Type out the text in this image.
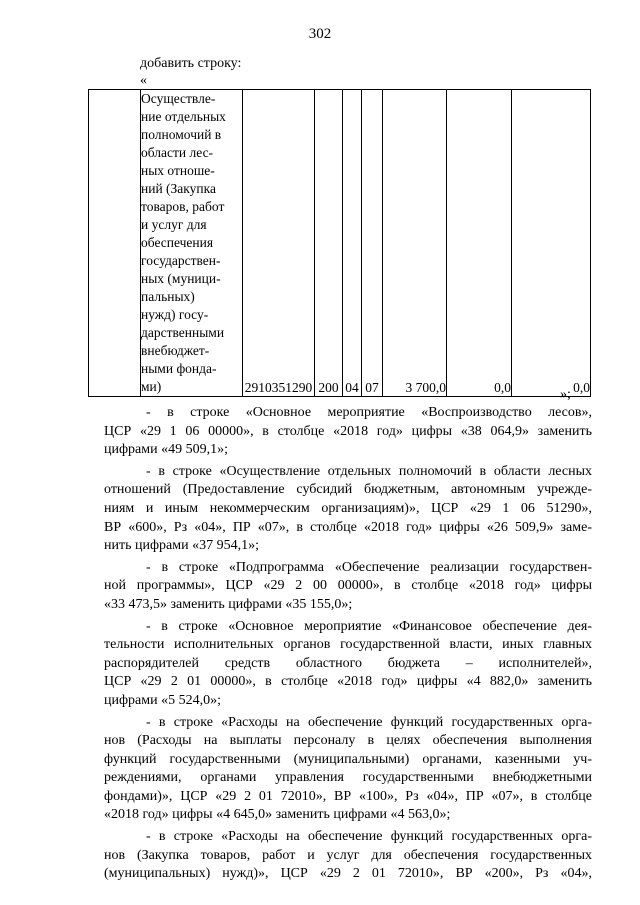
302
добавить строку:
«

Осуществле-
ние отдельных
полномочий в
области лес-
ных отноше-
ний (Закупка
товаров, работ
и услуг для
обеспечения
государствен-
ных (муници-
пальных)
нужд) госу-
дарственными
внебюджет-
ными фонда-
ми)	2910351290	200	04	07	3 700,0	0,0	0,0
»;

- в строке «Основное мероприятие «Воспроизводство лесов»,
ЦСР «29 1 06 00000», в столбце «2018 год» цифры «38 064,9» заменить
цифрами «49 509,1»;

- в строке «Осуществление отдельных полномочий в области лесных
отношений (Предоставление субсидий бюджетным, автономным учрежде-
ниям и иным некоммерческим организациям)», ЦСР «29 1 06 51290»,
ВР «600», Рз «04», ПР «07», в столбце «2018 год» цифры «26 509,9» заме-
нить цифрами «37 954,1»;

- в строке «Подпрограмма «Обеспечение реализации государствен-
ной программы», ЦСР «29 2 00 00000», в столбце «2018 год» цифры
«33 473,5» заменить цифрами «35 155,0»;

- в строке «Основное мероприятие «Финансовое обеспечение дея-
тельности исполнительных органов государственной власти, иных главных
распорядителей средств областного бюджета – исполнителей»,
ЦСР «29 2 01 00000», в столбце «2018 год» цифры «4 882,0» заменить
цифрами «5 524,0»;

- в строке «Расходы на обеспечение функций государственных орга-
нов (Расходы на выплаты персоналу в целях обеспечения выполнения
функций государственными (муниципальными) органами, казенными уч-
реждениями, органами управления государственными внебюджетными
фондами)», ЦСР «29 2 01 72010», ВР «100», Рз «04», ПР «07», в столбце
«2018 год» цифры «4 645,0» заменить цифрами «4 563,0»;

- в строке «Расходы на обеспечение функций государственных орга-
нов (Закупка товаров, работ и услуг для обеспечения государственных
(муниципальных) нужд)», ЦСР «29 2 01 72010», ВР «200», Рз «04»,
